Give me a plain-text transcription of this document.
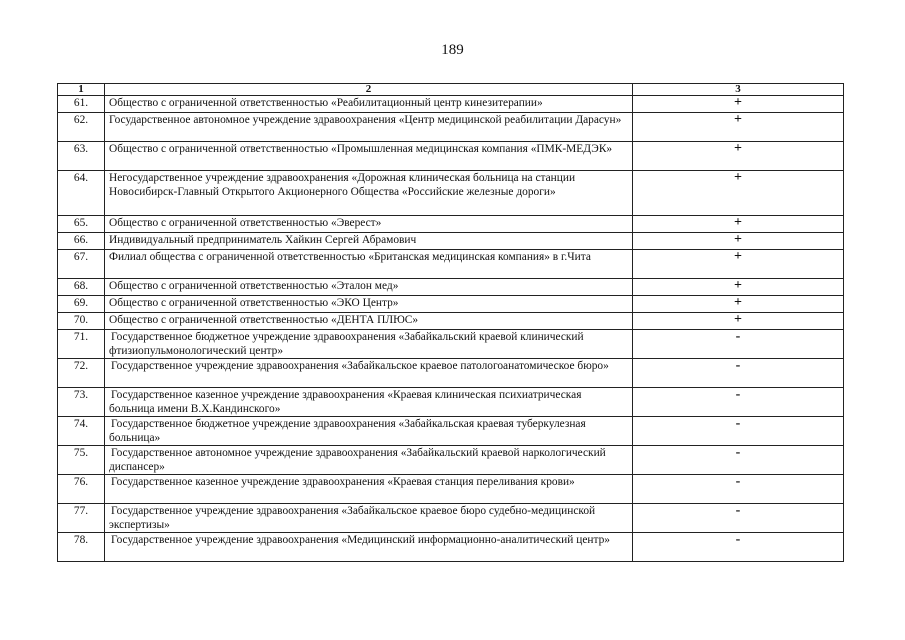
189
1	2	3
61.	Общество с ограниченной ответственностью «Реабилитационный центр кинезитерапии»	+
62.	Государственное автономное учреждение здравоохранения «Центр медицинской реабилитации Дарасун»	+
63.	Общество с ограниченной ответственностью «Промышленная медицинская компания «ПМК-МЕДЭК»	+
64.	Негосударственное учреждение здравоохранения «Дорожная клиническая больница на станции Новосибирск-Главный Открытого Акционерного Общества «Российские железные дороги»	+
65.	Общество с ограниченной ответственностью «Эверест»	+
66.	Индивидуальный предприниматель Хайкин Сергей Абрамович	+
67.	Филиал общества с ограниченной ответственностью «Британская медицинская компания» в г.Чита	+
68.	Общество с ограниченной ответственностью «Эталон мед»	+
69.	Общество с ограниченной ответственностью «ЭКО Центр»	+
70.	Общество с ограниченной ответственностью «ДЕНТА ПЛЮС»	+
71.	Государственное бюджетное учреждение здравоохранения «Забайкальский краевой клинический фтизиопульмонологический центр»	-
72.	Государственное учреждение здравоохранения «Забайкальское краевое патологоанатомическое бюро»	-
73.	Государственное казенное учреждение здравоохранения «Краевая клиническая психиатрическая больница имени В.Х.Кандинского»	-
74.	Государственное бюджетное учреждение здравоохранения «Забайкальская краевая туберкулезная больница»	-
75.	Государственное автономное учреждение здравоохранения «Забайкальский краевой наркологический диспансер»	-
76.	Государственное казенное учреждение здравоохранения «Краевая станция переливания крови»	-
77.	Государственное учреждение здравоохранения «Забайкальское краевое бюро судебно-медицинской экспертизы»	-
78.	Государственное учреждение здравоохранения «Медицинский информационно-аналитический центр»	-
